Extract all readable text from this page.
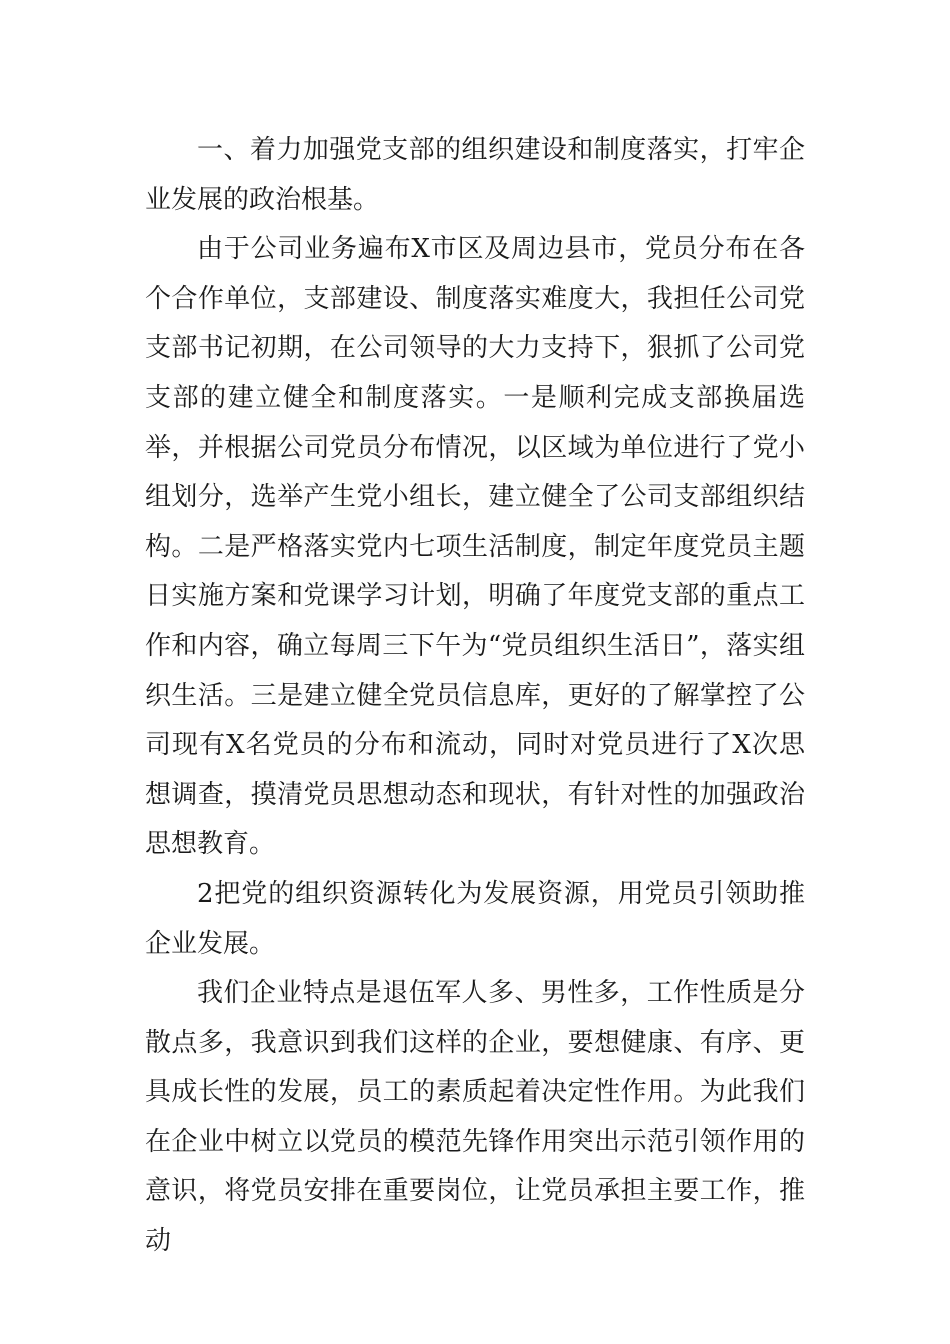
一、着力加强党支部的组织建设和制度落实，打牢企业发展的政治根基。

由于公司业务遍布X市区及周边县市，党员分布在各个合作单位，支部建设、制度落实难度大，我担任公司党支部书记初期，在公司领导的大力支持下，狠抓了公司党支部的建立健全和制度落实。一是顺利完成支部换届选举，并根据公司党员分布情况，以区域为单位进行了党小组划分，选举产生党小组长，建立健全了公司支部组织结构。二是严格落实党内七项生活制度，制定年度党员主题日实施方案和党课学习计划，明确了年度党支部的重点工作和内容，确立每周三下午为“党员组织生活日”，落实组织生活。三是建立健全党员信息库，更好的了解掌控了公司现有X名党员的分布和流动，同时对党员进行了X次思想调查，摸清党员思想动态和现状，有针对性的加强政治思想教育。

2把党的组织资源转化为发展资源，用党员引领助推企业发展。

我们企业特点是退伍军人多、男性多，工作性质是分散点多，我意识到我们这样的企业，要想健康、有序、更具成长性的发展，员工的素质起着决定性作用。为此我们在企业中树立以党员的模范先锋作用突出示范引领作用的意识，将党员安排在重要岗位，让党员承担主要工作，推动
